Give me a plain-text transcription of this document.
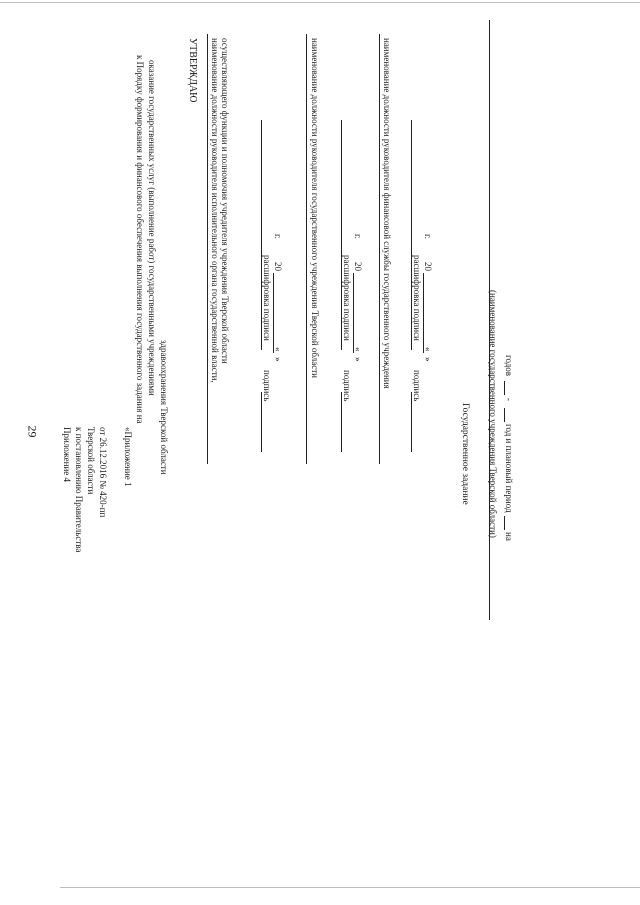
29	Приложение 4 к постановлению Правительства Тверской области от 26.12.2016 № 420-пп «Приложение 1
к Порядку формирования и финансового обеспечения выполнения государственного задания на оказание государственных услуг (выполнение работ) государственными учреждениями
здравоохранения Тверской области
УТВЕРЖДАЮ наименование должности руководителя исполнительного органа государственной власти, осуществляющего функции и полномочия учредителя учреждения Тверской области
подпись
расшифровка подписи
«
»
20
г.	наименование должности руководителя государственного учреждения Тверской области
подпись
расшифровка подписи
«
»
20
г. наименование должности руководителя финансовой службы государственного учреждения подпись
расшифровка подписи
«
»
20
г.
Государственное задание (наименование государственного учреждения Тверской области) на
год и плановый период
-
годов
